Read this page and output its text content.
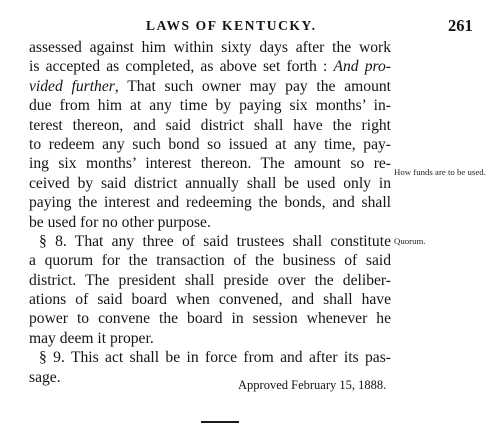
LAWS OF KENTUCKY.	261
assessed against him within sixty days after the work
is accepted as completed, as above set forth : And pro-
vided further, That such owner may pay the amount
due from him at any time by paying six months’ in-
terest thereon, and said district shall have the right
to redeem any such bond so issued at any time, pay-
ing six months’ interest thereon. The amount so re-
ceived by said district annually shall be used only in
paying the interest and redeeming the bonds, and shall
be used for no other purpose.
§ 8. That any three of said trustees shall constitute
a quorum for the transaction of the business of said
district. The president shall preside over the deliber-
ations of said board when convened, and shall have
power to convene the board in session whenever he
may deem it proper.
§ 9. This act shall be in force from and after its pas-
sage.	Approved February 15, 1888.
How funds are to be used.
Quorum.
